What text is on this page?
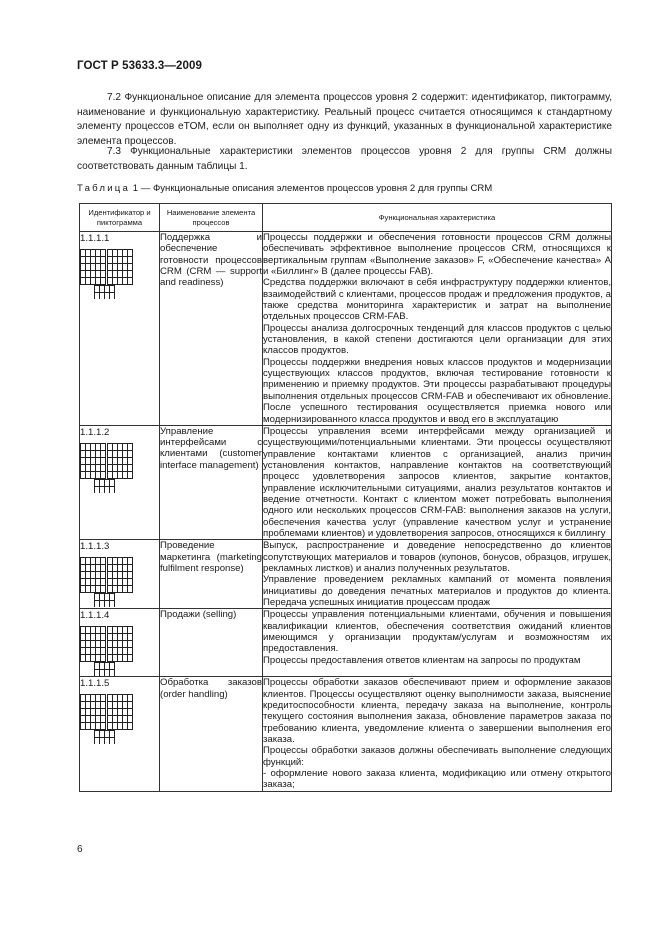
ГОСТ Р 53633.3—2009
7.2 Функциональное описание для элемента процессов уровня 2 содержит: идентификатор, пиктограмму, наименование и функциональную характеристику. Реальный процесс считается относящимся к стандартному элементу процессов eTOM, если он выполняет одну из функций, указанных в функциональной характеристике элемента процессов.
7.3 Функциональные характеристики элементов процессов уровня 2 для группы CRM должны соответствовать данным таблицы 1.
Таблица 1 — Функциональные описания элементов процессов уровня 2 для группы CRM
Идентификатор и пиктограмма	Наименование элемента процессов	Функциональная характеристика

1.1.1.1	Поддержка и обеспечение готовности процессов CRM (CRM — support and readiness)	Процессы поддержки и обеспечения готовности процессов CRM должны обеспечивать эффективное выполнение процессов CRM, относящихся к вертикальным группам «Выполнение заказов» F, «Обеспечение качества» А и «Биллинг» В (далее процессы FAB).

Средства поддержки включают в себя инфраструктуру поддержки клиентов, взаимодействий с клиентами, процессов продаж и предложения продуктов, а также средства мониторинга характеристик и затрат на выполнение отдельных процессов CRM-FAB.

Процессы анализа долгосрочных тенденций для классов продуктов с целью установления, в какой степени достигаются цели организации для этих классов продуктов.

Процессы поддержки внедрения новых классов продуктов и модернизации существующих классов продуктов, включая тестирование готовности к применению и приемку продуктов. Эти процессы разрабатывают процедуры выполнения отдельных процессов CRM-FAB и обеспечивают их обновление. После успешного тестирования осуществляется приемка нового или модернизированного класса продуктов и ввод его в эксплуатацию

1.1.1.2	Управление интерфейсами с клиентами (customer interface management)	Процессы управления всеми интерфейсами между организацией и существующими/потенциальными клиентами. Эти процессы осуществляют управление контактами клиентов с организацией, анализ причин установления контактов, направление контактов на соответствующий процесс удовлетворения запросов клиентов, закрытие контактов, управление исключительными ситуациями, анализ результатов контактов и ведение отчетности. Контакт с клиентом может потребовать выполнения одного или нескольких процессов CRM-FAB: выполнения заказов на услуги, обеспечения качества услуг (управление качеством услуг и устранение проблемами клиентов) и удовлетворения запросов, относящихся к биллингу

1.1.1.3	Проведение маркетинга (marketing fulfilment response)	Выпуск, распространение и доведение непосредственно до клиентов сопутствующих материалов и товаров (купонов, бонусов, образцов, игрушек, рекламных листков) и анализ полученных результатов.

Управление проведением рекламных кампаний от момента появления инициативы до доведения печатных материалов и продуктов до клиента. Передача успешных инициатив процессам продаж

1.1.1.4	Продажи (selling)	Процессы управления потенциальными клиентами, обучения и повышения квалификации клиентов, обеспечения соответствия ожиданий клиентов имеющимся у организации продуктам/услугам и возможностям их предоставления.

Процессы предоставления ответов клиентам на запросы по продуктам

1.1.1.5	Обработка заказов (order handling)	Процессы обработки заказов обеспечивают прием и оформление заказов клиентов. Процессы осуществляют оценку выполнимости заказа, выяснение кредитоспособности клиента, передачу заказа на выполнение, контроль текущего состояния выполнения заказа, обновление параметров заказа по требованию клиента, уведомление клиента о завершении выполнения его заказа.

Процессы обработки заказов должны обеспечивать выполнение следующих функций:

- оформление нового заказа клиента, модификацию или отмену открытого заказа;

6
